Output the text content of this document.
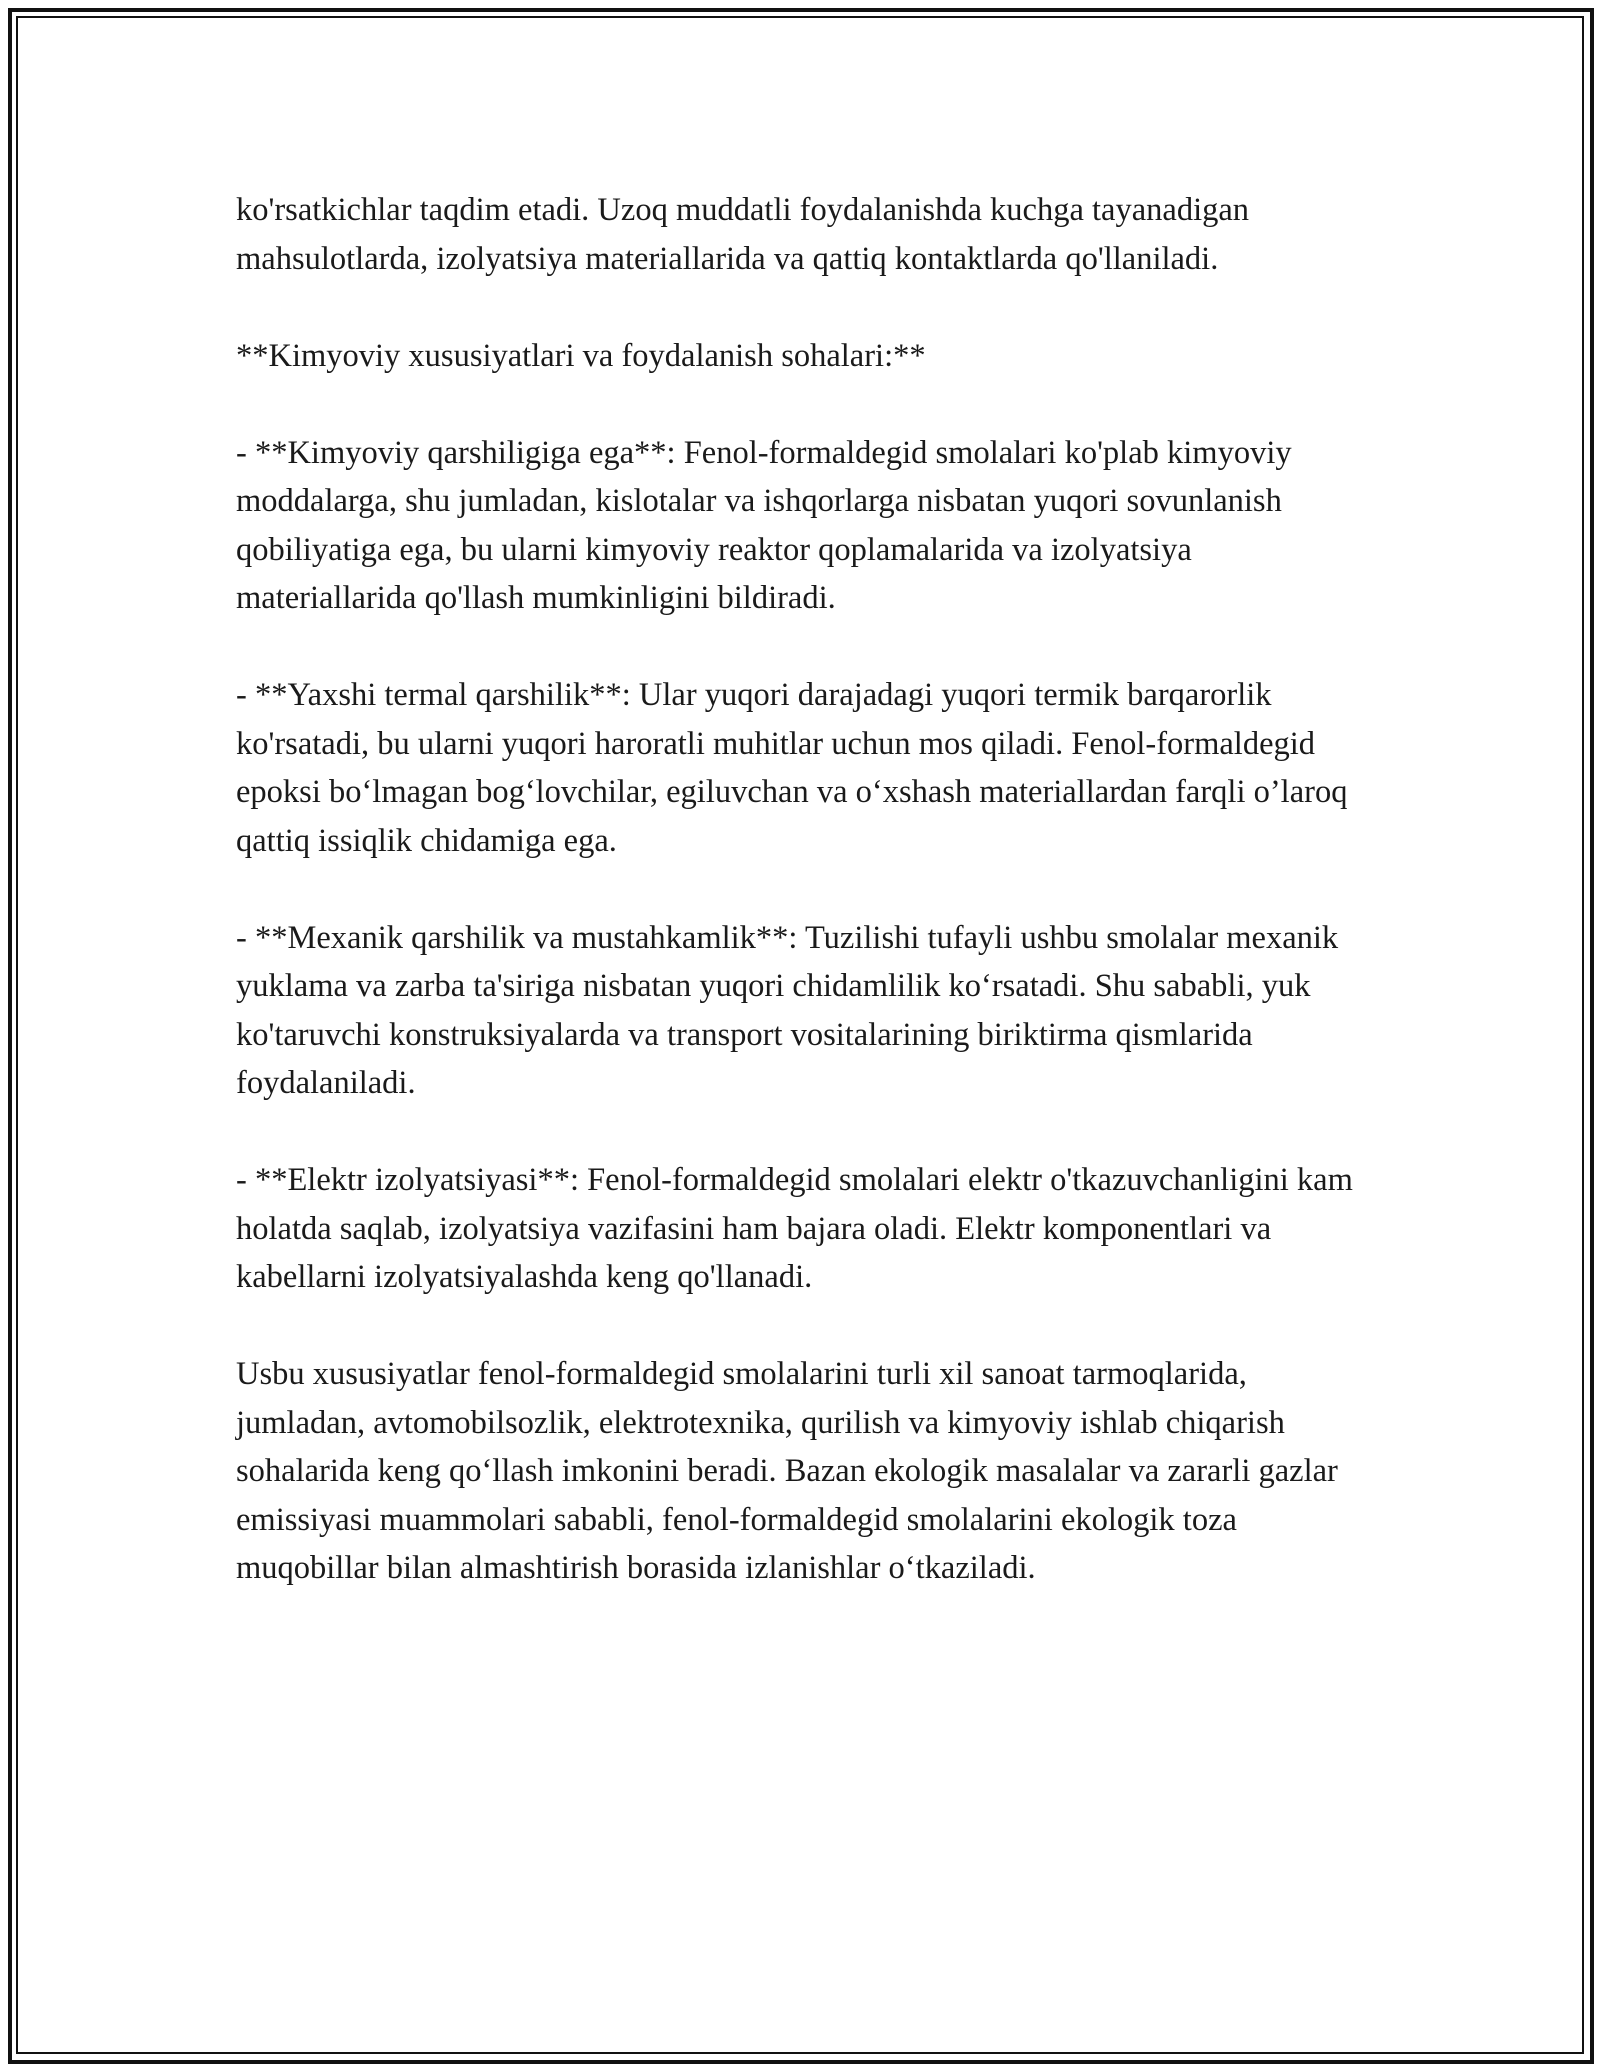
ko'rsatkichlar taqdim etadi. Uzoq muddatli foydalanishda kuchga tayanadigan mahsulotlarda, izolyatsiya materiallarida va qattiq kontaktlarda qo'llaniladi.

**Kimyoviy xususiyatlari va foydalanish sohalari:**

- **Kimyoviy qarshiligiga ega**: Fenol-formaldegid smolalari ko'plab kimyoviy moddalarga, shu jumladan, kislotalar va ishqorlarga nisbatan yuqori sovunlanish qobiliyatiga ega, bu ularni kimyoviy reaktor qoplamalarida va izolyatsiya materiallarida qo'llash mumkinligini bildiradi.

- **Yaxshi termal qarshilik**: Ular yuqori darajadagi yuqori termik barqarorlik ko'rsatadi, bu ularni yuqori haroratli muhitlar uchun mos qiladi. Fenol-formaldegid epoksi bo‘lmagan bog‘lovchilar, egiluvchan va o‘xshash materiallardan farqli o’laroq qattiq issiqlik chidamiga ega.

- **Mexanik qarshilik va mustahkamlik**: Tuzilishi tufayli ushbu smolalar mexanik yuklama va zarba ta'siriga nisbatan yuqori chidamlilik ko‘rsatadi. Shu sababli, yuk ko'taruvchi konstruksiyalarda va transport vositalarining biriktirma qismlarida foydalaniladi.

- **Elektr izolyatsiyasi**: Fenol-formaldegid smolalari elektr o'tkazuvchanligini kam holatda saqlab, izolyatsiya vazifasini ham bajara oladi. Elektr komponentlari va kabellarni izolyatsiyalashda keng qo'llanadi.

Usbu xususiyatlar fenol-formaldegid smolalarini turli xil sanoat tarmoqlarida, jumladan, avtomobilsozlik, elektrotexnika, qurilish va kimyoviy ishlab chiqarish sohalarida keng qo‘llash imkonini beradi. Bazan ekologik masalalar va zararli gazlar emissiyasi muammolari sababli, fenol-formaldegid smolalarini ekologik toza muqobillar bilan almashtirish borasida izlanishlar o‘tkaziladi.
